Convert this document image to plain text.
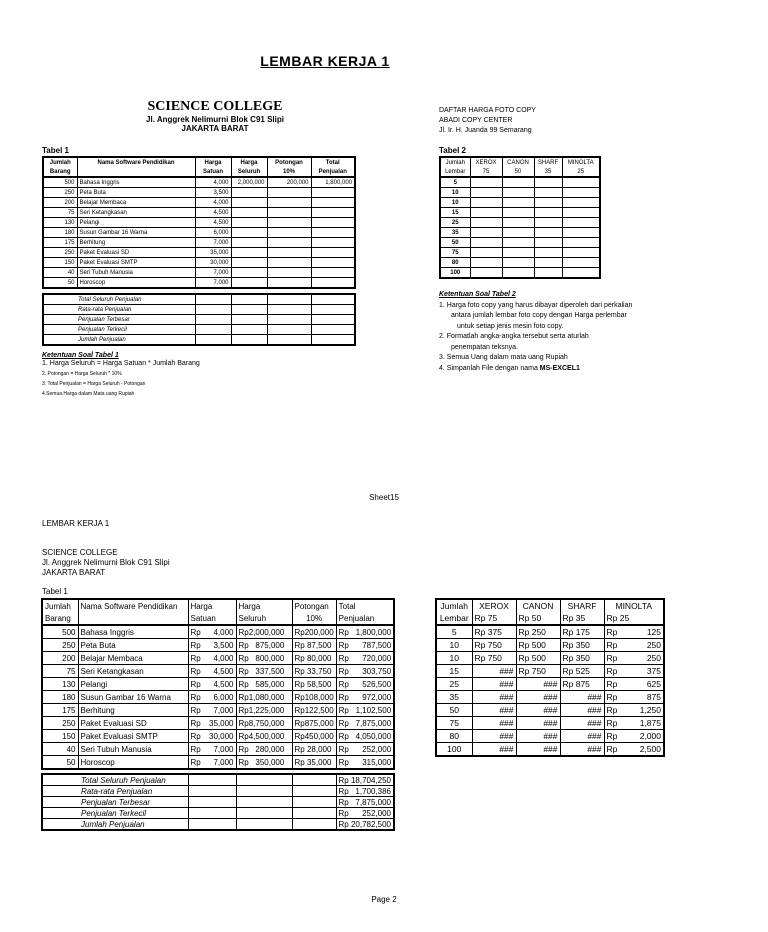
LEMBAR KERJA 1
SCIENCE COLLEGE
Jl. Anggrek Nelimurni Blok C91 Slipi
JAKARTA BARAT
DAFTAR HARGA FOTO COPY
ABADI COPY CENTER
Jl. Ir. H. Juanda 99 Semarang
Tabel 1
Jumlah	Nama Software Pendidikan	Harga	Harga	Potongan	Total
Barang		Satuan	Seluruh	10%	Penjualan
500	Bahasa Inggris	4,000	2,000,000	200,000	1,800,000
250	Peta Buta	3,500			
200	Belajar Membaca	4,000			
75	Seri Ketangkasan	4,500			
130	Pelangi	4,500			
180	Susun Gambar 16 Warna	6,000			
175	Berhitung	7,000			
250	Paket Evaluasi SD	35,000			
150	Paket Evaluasi SMTP	30,000			
40	Seri Tubuh Manusia	7,000			
50	Horoscop	7,000			
Total Seluruh Penjualan				
Rata-rata Penjualan				
Penjualan Terbesar				
Penjualan Terkecil				
Jumlah Penjualan				
Ketentuan Soal Tabel 1
1. Harga Seluruh = Harga Satuan * Jumlah Barang
2. Potongan = Harga Seluruh * 10%
3. Total Penjualan = Harga Seluruh - Potongan
4.Semua Harga dalam Mata uang Rupiah
Tabel 2
Jumlah	XEROX	CANON	SHARF	MINOLTA
Lembar	75	50	35	25
5				
10				
10				
15				
25				
35				
50				
75				
80				
100				
Ketentuan Soal Tabel 2
1. Harga foto copy yang harus dibayar diperoleh dari perkalian
antara jumlah lembar foto copy dengan Harga perlembar
untuk setiap jenis mesin foto copy.
2. Formatlah angka-angka tersebut serta aturlah
penempatan teksnya.
3. Semua Uang dalam mata uang Rupiah
4. Simpanlah File dengan nama MS-EXCEL1
Sheet15
LEMBAR KERJA 1
SCIENCE COLLEGE
Jl. Anggrek Nelimurni Blok C91 Slipi
JAKARTA BARAT
Tabel 1
Jumlah	Nama Software Pendidikan	Harga	Harga	Potongan	Total
Barang		Satuan	Seluruh	10%	Penjualan
500	Bahasa Inggris	Rp 4,000	Rp2,000,000	Rp200,000	Rp 1,800,000

250	Peta Buta	Rp 3,500	Rp   875,000	Rp 87,500	Rp 787,500

200	Belajar Membaca	Rp 4,000	Rp   800,000	Rp 80,000	Rp 720,000

75	Seri Ketangkasan	Rp 4,500	Rp   337,500	Rp 33,750	Rp 303,750

130	Pelangi	Rp 4,500	Rp   585,000	Rp 58,500	Rp 526,500

180	Susun Gambar 16 Warna	Rp 6,000	Rp1,080,000	Rp108,000	Rp 972,000

175	Berhitung	Rp 7,000	Rp1,225,000	Rp122,500	Rp 1,102,500

250	Paket Evaluasi SD	Rp 35,000	Rp8,750,000	Rp875,000	Rp 7,875,000

150	Paket Evaluasi SMTP	Rp 30,000	Rp4,500,000	Rp450,000	Rp 4,050,000

40	Seri Tubuh Manusia	Rp 7,000	Rp   280,000	Rp 28,000	Rp 252,000

50	Horoscop	Rp 7,000	Rp   350,000	Rp 35,000	Rp 315,000
Total Seluruh Penjualan				Rp 18,704,250
Rata-rata Penjualan				Rp   1,700,386
Penjualan Terbesar				Rp   7,875,000
Penjualan Terkecil				Rp      252,000
Jumlah Penjualan				Rp 20,782,500
Jumlah	XEROX	CANON	SHARF	MINOLTA
Lembar	Rp 75	Rp 50	Rp 35	Rp 25
5	Rp 375	Rp 250	Rp 175	Rp 125

10	Rp 750	Rp 500	Rp 350	Rp 250

10	Rp 750	Rp 500	Rp 350	Rp 250

15	###	Rp 750	Rp 525	Rp 375

25	###	###	Rp 875	Rp 625

35	###	###	###	Rp 875

50	###	###	###	Rp 1,250

75	###	###	###	Rp 1,875

80	###	###	###	Rp 2,000

100	###	###	###	Rp 2,500
Page 2
